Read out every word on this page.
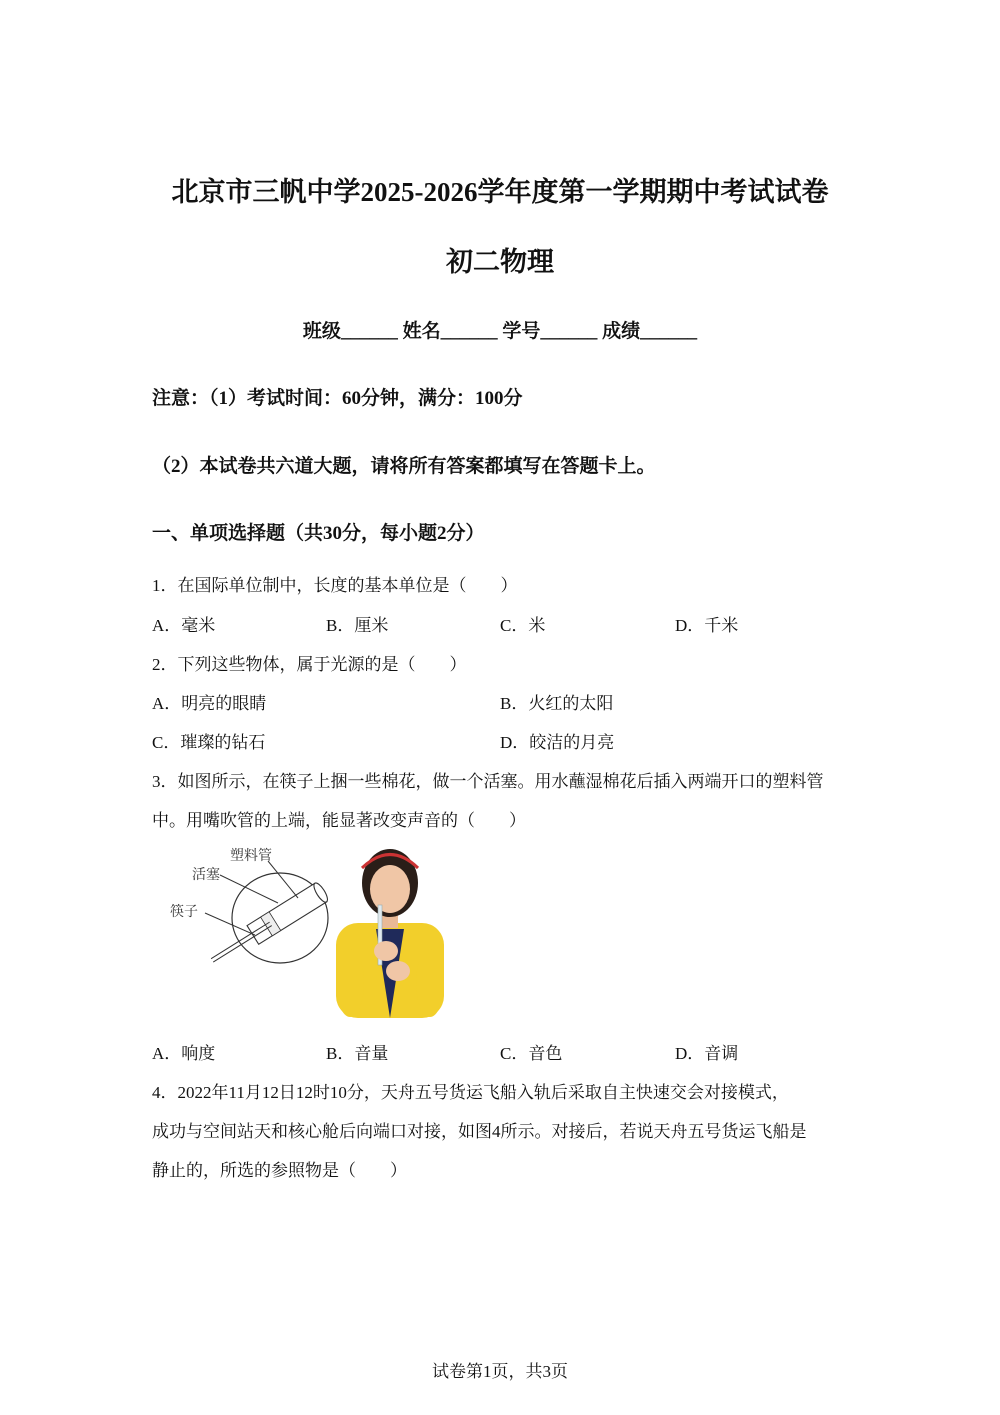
北京市三帆中学2025-2026学年度第一学期期中考试试卷
初二物理
班级______ 姓名______ 学号______ 成绩______
注意：（1）考试时间：60分钟，满分：100分
（2）本试卷共六道大题，请将所有答案都填写在答题卡上。
一、单项选择题（共30分，每小题2分）
1．在国际单位制中，长度的基本单位是（　　）
A．毫米	B．厘米	C．米	D．千米
2．下列这些物体，属于光源的是（　　）
A．明亮的眼睛	B．火红的太阳
C．璀璨的钻石	D．皎洁的月亮
3．如图所示，在筷子上捆一些棉花，做一个活塞。用水蘸湿棉花后插入两端开口的塑料管
中。用嘴吹管的上端，能显著改变声音的（　　）
塑料管
活塞
筷子
A．响度	B．音量	C．音色	D．音调
4．2022年11月12日12时10分，天舟五号货运飞船入轨后采取自主快速交会对接模式，
成功与空间站天和核心舱后向端口对接，如图4所示。对接后，若说天舟五号货运飞船是
静止的，所选的参照物是（　　）
试卷第1页，共3页
